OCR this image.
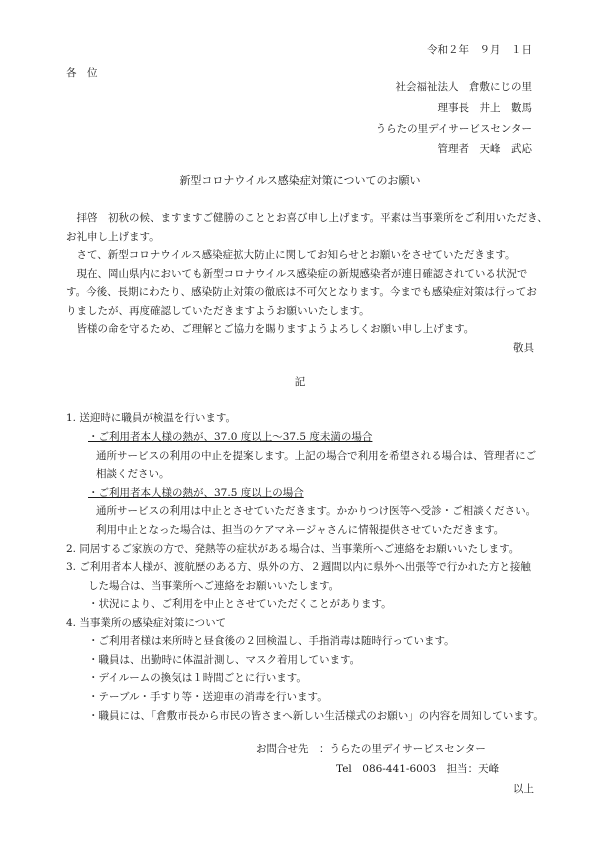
令和２年　９月　１日
各　位
社会福祉法人　倉敷にじの里
理事長　井上　數馬
うらたの里デイサービスセンター
管理者　天峰　武応
新型コロナウイルス感染症対策についてのお願い
　拝啓　初秋の候、ますますご健勝のこととお喜び申し上げます。平素は当事業所をご利用いただき、
お礼申し上げます。
　さて、新型コロナウイルス感染症拡大防止に関してお知らせとお願いをさせていただきます。
　現在、岡山県内においても新型コロナウイルス感染症の新規感染者が連日確認されている状況で
す。今後、長期にわたり、感染防止対策の徹底は不可欠となります。今までも感染症対策は行ってお
りましたが、再度確認していただきますようお願いいたします。
　皆様の命を守るため、ご理解とご協力を賜りますようよろしくお願い申し上げます。
敬具
記
1. 送迎時に職員が検温を行います。
・ご利用者本人様の熱が、37.0 度以上～37.5 度未満の場合
通所サービスの利用の中止を提案します。上記の場合で利用を希望される場合は、管理者にご
相談ください。
・ご利用者本人様の熱が、37.5 度以上の場合
通所サービスの利用は中止とさせていただきます。かかりつけ医等へ受診・ご相談ください。
利用中止となった場合は、担当のケアマネージャさんに情報提供させていただきます。
2. 同居するご家族の方で、発熱等の症状がある場合は、当事業所へご連絡をお願いいたします。
3. ご利用者本人様が、渡航歴のある方、県外の方、２週間以内に県外へ出張等で行かれた方と接触
した場合は、当事業所へご連絡をお願いいたします。
・状況により、ご利用を中止とさせていただくことがあります。
4. 当事業所の感染症対策について
・ご利用者様は来所時と昼食後の２回検温し、手指消毒は随時行っています。
・職員は、出勤時に体温計測し、マスク着用しています。
・デイルームの換気は１時間ごとに行います。
・テーブル・手すり等・送迎車の消毒を行います。
・職員には、「倉敷市長から市民の皆さまへ新しい生活様式のお願い」の内容を周知しています。
お問合せ先　：うらたの里デイサービスセンター
Tel　086-441-6003　担当：天峰
以上
